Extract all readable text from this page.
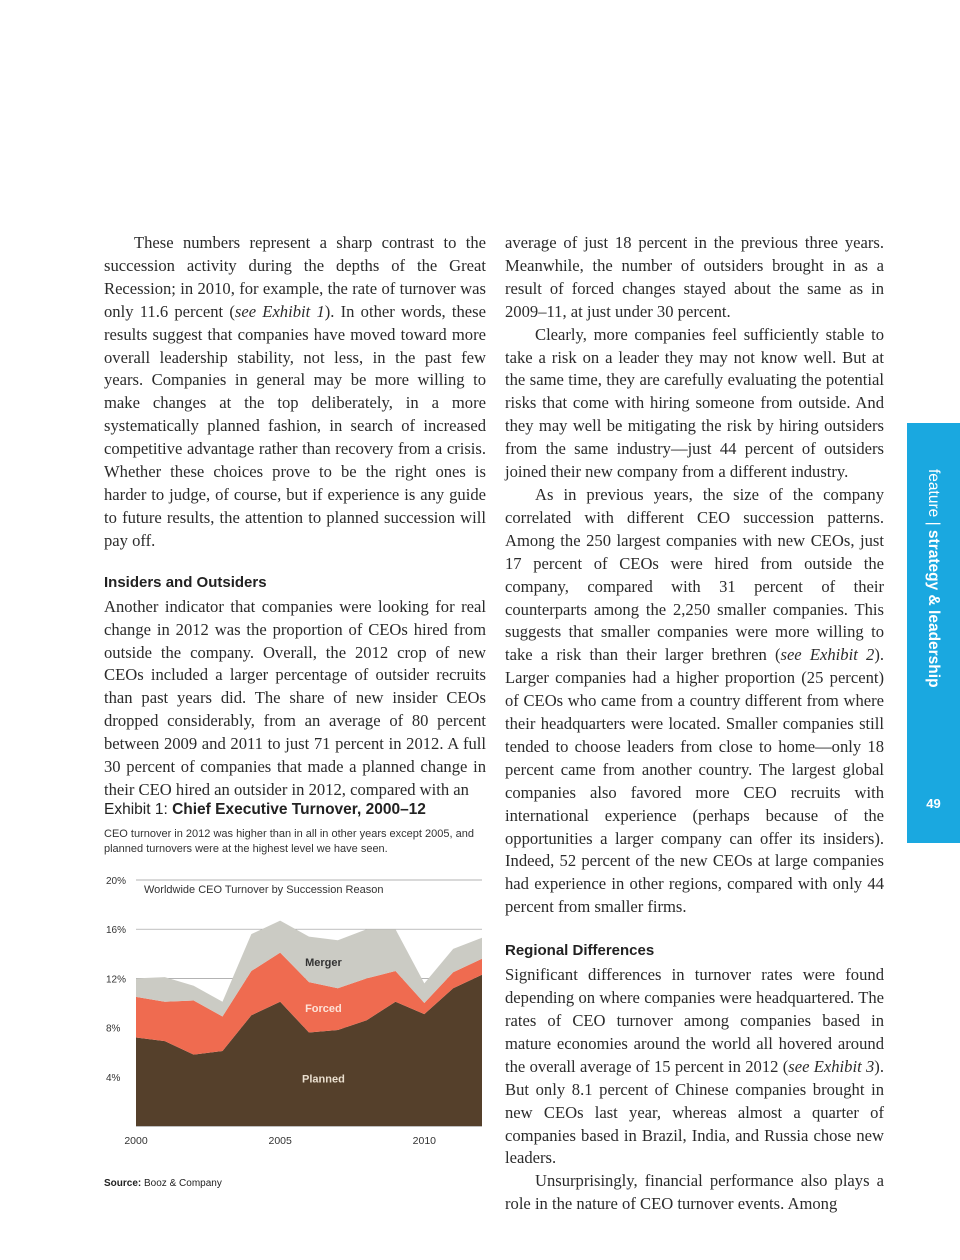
These numbers represent a sharp contrast to the succession activity during the depths of the Great Recession; in 2010, for example, the rate of turnover was only 11.6 percent (see Exhibit 1). In other words, these results suggest that companies have moved toward more overall leadership stability, not less, in the past few years. Companies in general may be more willing to make changes at the top deliberately, in a more systematically planned fashion, in search of increased competitive advantage rather than recovery from a crisis. Whether these choices prove to be the right ones is harder to judge, of course, but if experience is any guide to future results, the attention to planned succession will pay off.

Insiders and Outsiders

Another indicator that companies were looking for real change in 2012 was the proportion of CEOs hired from outside the company. Overall, the 2012 crop of new CEOs included a larger percentage of outsider recruits than past years did. The share of new insider CEOs dropped considerably, from an average of 80 percent between 2009 and 2011 to just 71 percent in 2012. A full 30 percent of companies that made a planned change in their CEO hired an outsider in 2012, compared with an

average of just 18 percent in the previous three years. Meanwhile, the number of outsiders brought in as a result of forced changes stayed about the same as in 2009–11, at just under 30 percent.

Clearly, more companies feel sufficiently stable to take a risk on a leader they may not know well. But at the same time, they are carefully evaluating the potential risks that come with hiring someone from outside. And they may well be mitigating the risk by hiring outsiders from the same industry—just 44 percent of outsiders joined their new company from a different industry.

As in previous years, the size of the company correlated with different CEO succession patterns. Among the 250 largest companies with new CEOs, just 17 percent of CEOs were hired from outside the company, compared with 31 percent of their counterparts among the 2,250 smaller companies. This suggests that smaller companies were more willing to take a risk than their larger brethren (see Exhibit 2). Larger companies had a higher proportion (25 percent) of CEOs who came from a country different from where their headquarters were located. Smaller companies still tended to choose leaders from close to home—only 18 percent came from another country. The largest global companies also favored more CEO recruits with international experience (perhaps because of the opportunities a larger company can offer its insiders). Indeed, 52 percent of the new CEOs at large companies had experience in other regions, compared with only 44 percent from smaller firms.

Regional Differences

Significant differences in turnover rates were found depending on where companies were headquartered. The rates of CEO turnover among companies based in mature economies around the world all hovered around the overall average of 15 percent in 2012 (see Exhibit 3). But only 8.1 percent of Chinese companies brought in new CEOs last year, whereas almost a quarter of companies based in Brazil, India, and Russia chose new leaders.

Unsurprisingly, financial performance also plays a role in the nature of CEO turnover events. Among

Exhibit 1: Chief Executive Turnover, 2000–12
CEO turnover in 2012 was higher than in all in other years except 2005, and planned turnovers were at the highest level we have seen.
4%
8%
12%
16%
20%
2000	2005	2010
Worldwide CEO Turnover by Succession Reason
Planned
Forced
Merger
Source: Booz & Company
feature | strategy & leadership
49
